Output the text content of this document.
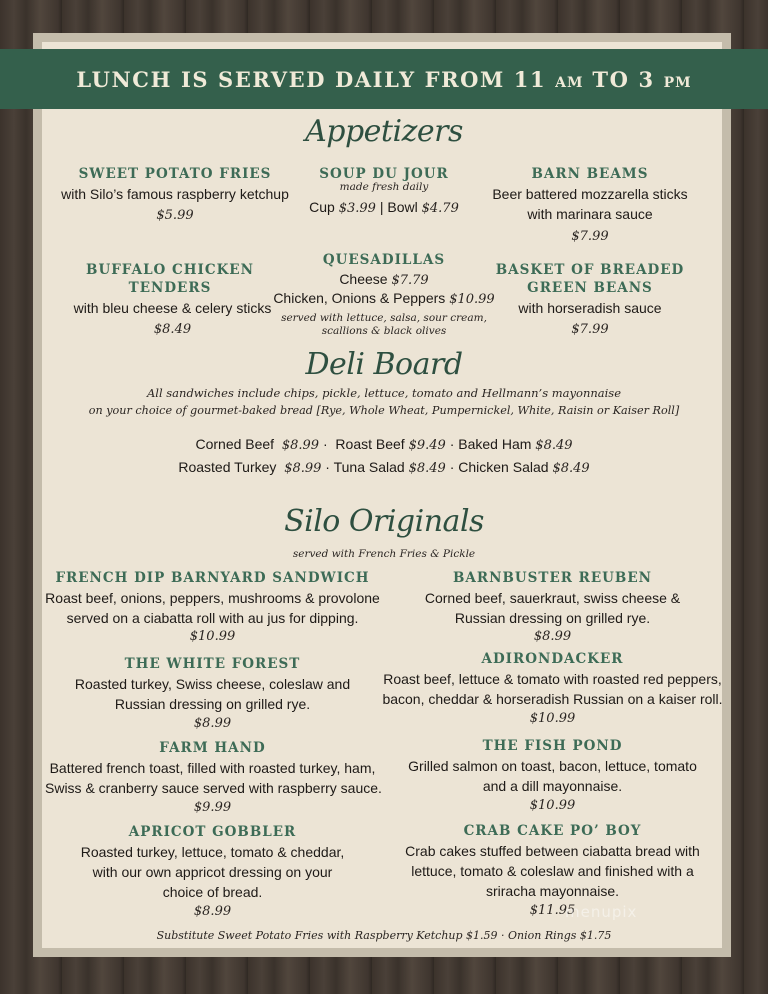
LUNCH IS SERVED DAILY FROM 11 AM TO 3 PM
Appetizers
SWEET POTATO FRIES
with Silo’s famous raspberry ketchup
$5.99
SOUP DU JOUR
made fresh daily
Cup $3.99 | Bowl $4.79
BARN BEAMS
Beer battered mozzarella sticks
with marinara sauce
$7.99
BUFFALO CHICKEN
TENDERS
with bleu cheese & celery sticks
$8.49
QUESADILLAS
Cheese $7.79
Chicken, Onions & Peppers $10.99
served with lettuce, salsa, sour cream,
scallions & black olives
BASKET OF BREADED
GREEN BEANS
with horseradish sauce
$7.99
Deli Board
All sandwiches include chips, pickle, lettuce, tomato and Hellmann’s mayonnaise
on your choice of gourmet-baked bread [Rye, Whole Wheat, Pumpernickel, White, Raisin or Kaiser Roll]
Corned Beef $8.99 · Roast Beef $9.49 · Baked Ham $8.49
Roasted Turkey $8.99 · Tuna Salad $8.49 · Chicken Salad $8.49
Silo Originals
served with French Fries & Pickle
FRENCH DIP BARNYARD SANDWICH
Roast beef, onions, peppers, mushrooms & provolone
served on a ciabatta roll with au jus for dipping.
$10.99
THE WHITE FOREST
Roasted turkey, Swiss cheese, coleslaw and
Russian dressing on grilled rye.
$8.99
FARM HAND
Battered french toast, filled with roasted turkey, ham,
Swiss & cranberry sauce served with raspberry sauce.
$9.99
APRICOT GOBBLER
Roasted turkey, lettuce, tomato & cheddar,
with our own appricot dressing on your
choice of bread.
$8.99
BARNBUSTER REUBEN
Corned beef, sauerkraut, swiss cheese &
Russian dressing on grilled rye.
$8.99
ADIRONDACKER
Roast beef, lettuce & tomato with roasted red peppers,
bacon, cheddar & horseradish Russian on a kaiser roll.
$10.99
THE FISH POND
Grilled salmon on toast, bacon, lettuce, tomato
and a dill mayonnaise.
$10.99
CRAB CAKE PO’ BOY
Crab cakes stuffed between ciabatta bread with
lettuce, tomato & coleslaw and finished with a
sriracha mayonnaise.
$11.95
Substitute Sweet Potato Fries with Raspberry Ketchup $1.59 · Onion Rings $1.75
menupix
